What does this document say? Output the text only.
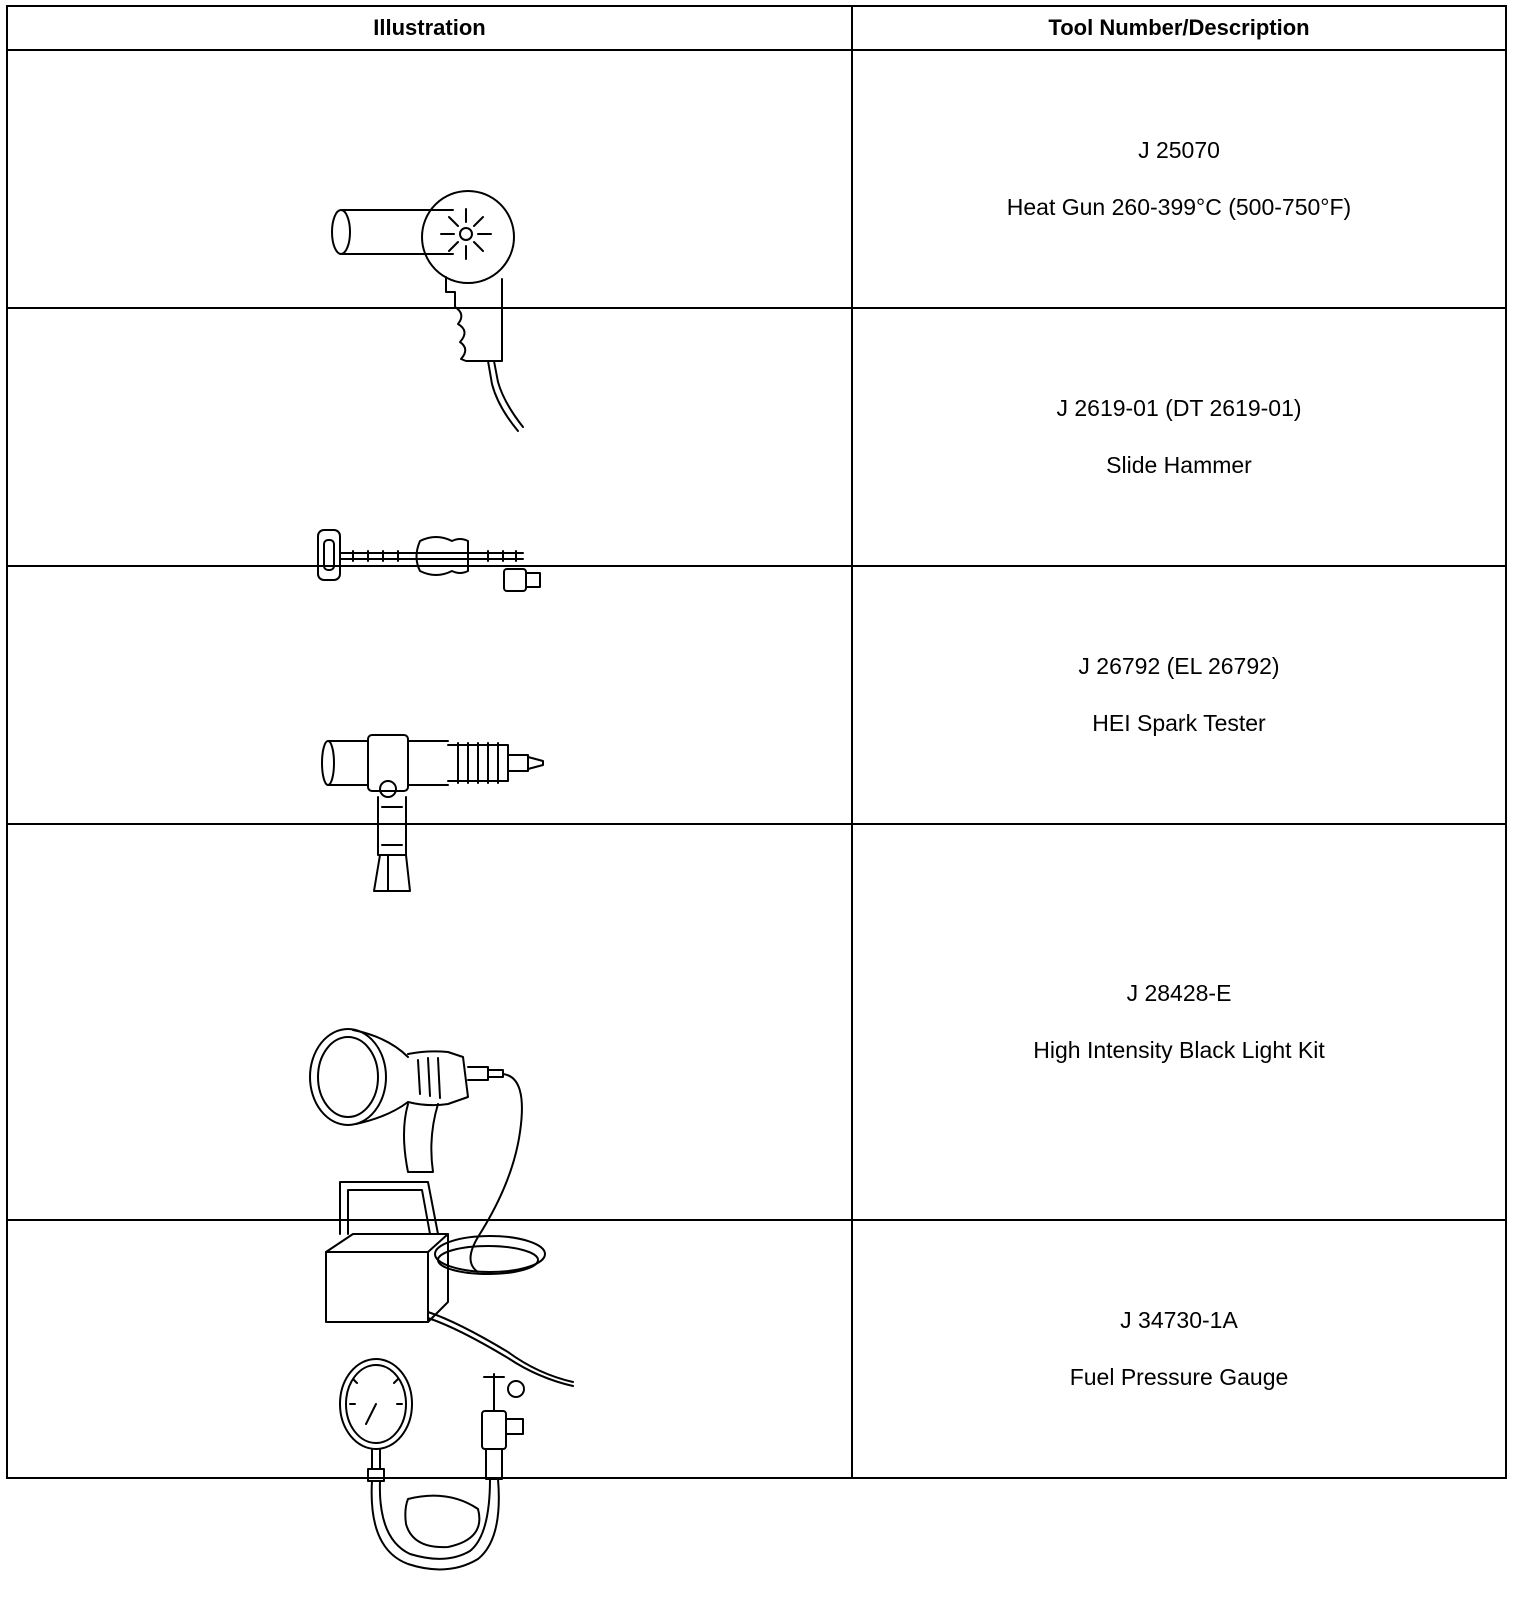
Illustration	Tool Number/Description

J 25070
Heat Gun 260-399°C (500-750°F)

J 2619-01 (DT 2619-01)
Slide Hammer

J 26792 (EL 26792)
HEI Spark Tester

J 28428-E
High Intensity Black Light Kit

J 34730-1A
Fuel Pressure Gauge
